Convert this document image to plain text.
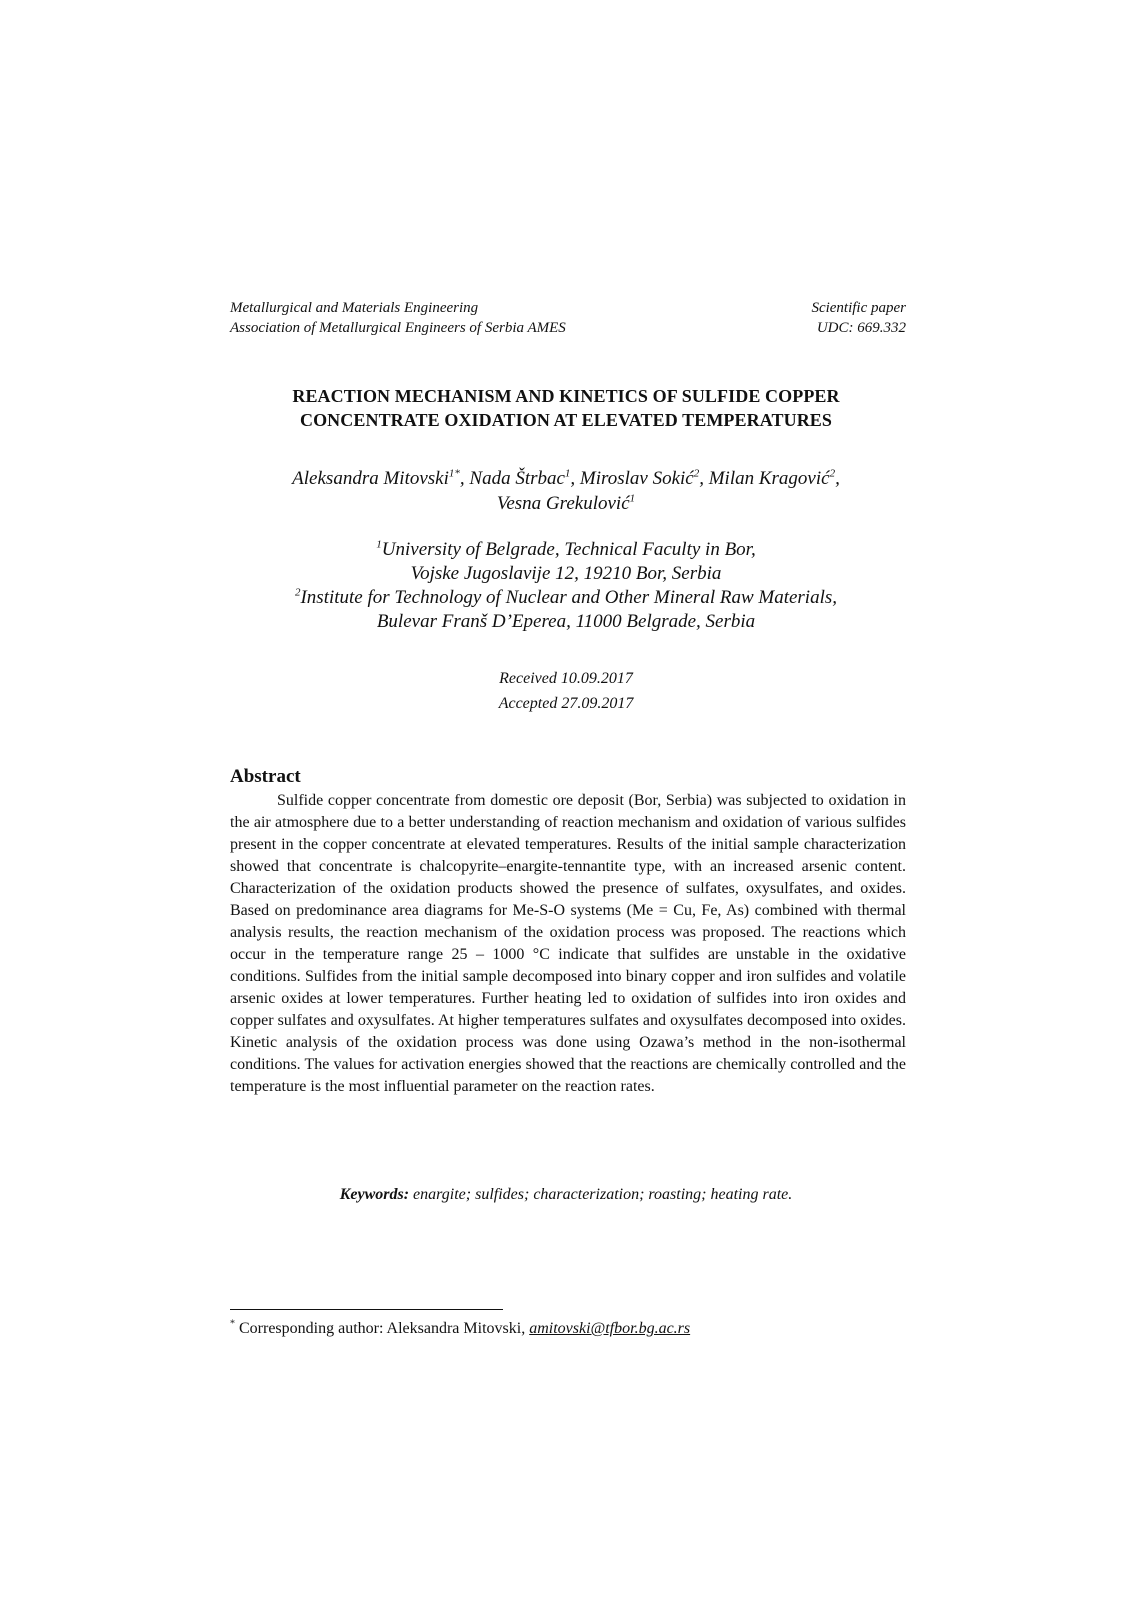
Metallurgical and Materials Engineering	Scientific paper
Association of Metallurgical Engineers of Serbia AMES	UDC: 669.332
REACTION MECHANISM AND KINETICS OF SULFIDE COPPER
CONCENTRATE OXIDATION AT ELEVATED TEMPERATURES
Aleksandra Mitovski$^{1*}$, Nada Štrbac$^1$, Miroslav Sokić$^2$, Milan Kragović$^2$,
Vesna Grekulović$^1$
$^1$University of Belgrade, Technical Faculty in Bor,
Vojske Jugoslavije 12, 19210 Bor, Serbia
$^2$Institute for Technology of Nuclear and Other Mineral Raw Materials,
Bulevar Franš D’Eperea, 11000 Belgrade, Serbia
Received 10.09.2017
Accepted 27.09.2017
Abstract

Sulfide copper concentrate from domestic ore deposit (Bor, Serbia) was subjected to oxidation in the air atmosphere due to a better understanding of reaction mechanism and oxidation of various sulfides present in the copper concentrate at elevated temperatures. Results of the initial sample characterization showed that concentrate is chalcopyrite–enargite-tennantite type, with an increased arsenic content. Characterization of the oxidation products showed the presence of sulfates, oxysulfates, and oxides. Based on predominance area diagrams for Me-S-O systems (Me = Cu, Fe, As) combined with thermal analysis results, the reaction mechanism of the oxidation process was proposed. The reactions which occur in the temperature range 25 – 1000 °C indicate that sulfides are unstable in the oxidative conditions. Sulfides from the initial sample decomposed into binary copper and iron sulfides and volatile arsenic oxides at lower temperatures. Further heating led to oxidation of sulfides into iron oxides and copper sulfates and oxysulfates. At higher temperatures sulfates and oxysulfates decomposed into oxides. Kinetic analysis of the oxidation process was done using Ozawa’s method in the non-isothermal conditions. The values for activation energies showed that the reactions are chemically controlled and the temperature is the most influential parameter on the reaction rates.

Keywords: enargite; sulfides; characterization; roasting; heating rate.
* Corresponding author: Aleksandra Mitovski, amitovski@tfbor.bg.ac.rs
